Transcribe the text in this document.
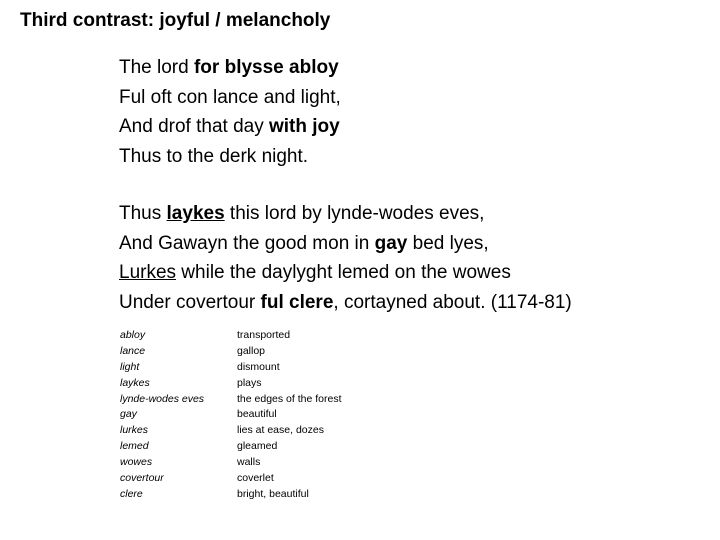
Third contrast: joyful / melancholy
The lord for blysse abloy
Ful oft con lance and light,
And drof that day with joy
Thus to the derk night.
Thus laykes this lord by lynde-wodes eves,
And Gawayn the good mon in gay bed lyes,
Lurkes while the daylyght lemed on the wowes
Under covertour ful clere, cortayned about. (1174-81)
abloy
lance
light
laykes
lynde-wodes eves
gay
lurkes
lemed
wowes
covertour
clere
transported
gallop
dismount
plays
the edges of the forest
beautiful
lies at ease, dozes
gleamed
walls
coverlet
bright, beautiful
